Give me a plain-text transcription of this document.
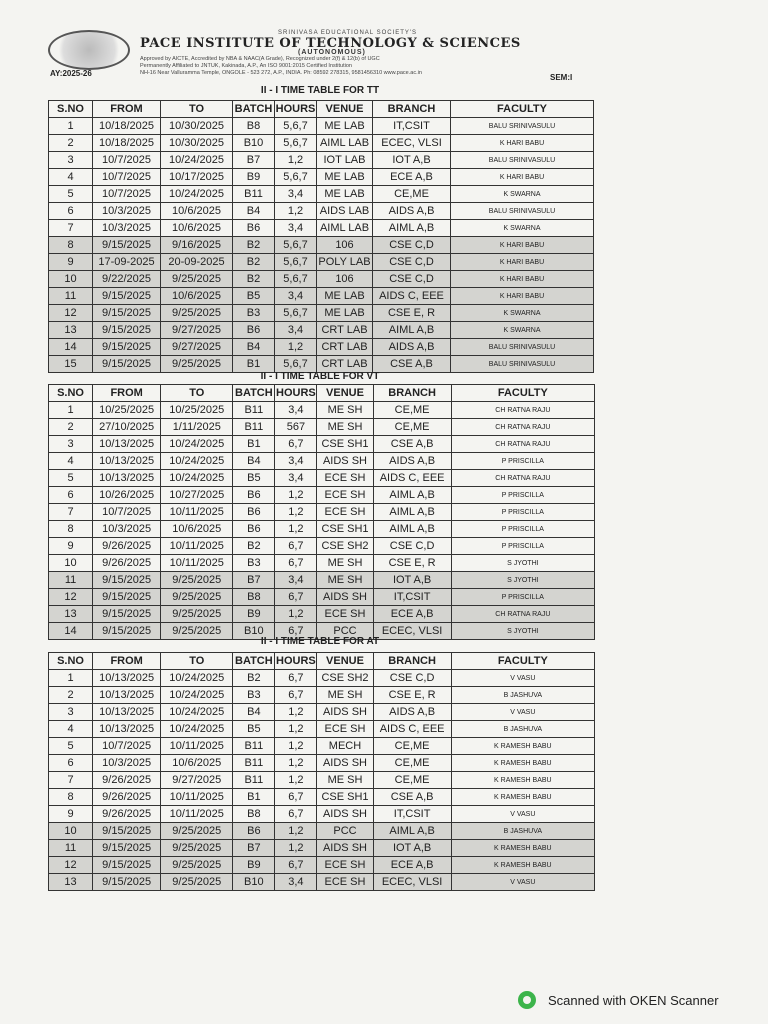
SRINIVASA EDUCATIONAL SOCIETY'S
PACE INSTITUTE OF TECHNOLOGY & SCIENCES
(AUTONOMOUS)
Approved by AICTE, Accredited by NBA & NAAC(A Grade), Recognized under 2(f) & 12(b) of UGC
Permanently Affiliated to JNTUK, Kakinada, A.P., An ISO 9001:2015 Certified Institution
NH-16 Near Valluramma Temple, ONGOLE - 523 272, A.P., INDIA. Ph: 08592 278315, 9581456310 www.pace.ac.in
AY:2025-26	SEM:I
II - I TIME TABLE FOR TT
S.NO	FROM	TO	BATCH	HOURS	VENUE	BRANCH	FACULTY
1	10/18/2025	10/30/2025	B8	5,6,7	ME LAB	IT,CSIT	BALU SRINIVASULU
2	10/18/2025	10/30/2025	B10	5,6,7	AIML LAB	ECEC, VLSI	K HARI BABU
3	10/7/2025	10/24/2025	B7	1,2	IOT LAB	IOT A,B	BALU SRINIVASULU
4	10/7/2025	10/17/2025	B9	5,6,7	ME LAB	ECE A,B	K HARI BABU
5	10/7/2025	10/24/2025	B11	3,4	ME LAB	CE,ME	K SWARNA
6	10/3/2025	10/6/2025	B4	1,2	AIDS LAB	AIDS A,B	BALU SRINIVASULU
7	10/3/2025	10/6/2025	B6	3,4	AIML LAB	AIML A,B	K SWARNA
8	9/15/2025	9/16/2025	B2	5,6,7	106	CSE C,D	K HARI BABU
9	17-09-2025	20-09-2025	B2	5,6,7	POLY LAB	CSE C,D	K HARI BABU
10	9/22/2025	9/25/2025	B2	5,6,7	106	CSE C,D	K HARI BABU
11	9/15/2025	10/6/2025	B5	3,4	ME LAB	AIDS C, EEE	K HARI BABU
12	9/15/2025	9/25/2025	B3	5,6,7	ME LAB	CSE E, R	K SWARNA
13	9/15/2025	9/27/2025	B6	3,4	CRT LAB	AIML A,B	K SWARNA
14	9/15/2025	9/27/2025	B4	1,2	CRT LAB	AIDS A,B	BALU SRINIVASULU
15	9/15/2025	9/25/2025	B1	5,6,7	CRT LAB	CSE A,B	BALU SRINIVASULU
II - I TIME TABLE FOR VT
S.NO	FROM	TO	BATCH	HOURS	VENUE	BRANCH	FACULTY
1	10/25/2025	10/25/2025	B11	3,4	ME SH	CE,ME	CH RATNA RAJU
2	27/10/2025	1/11/2025	B11	567	ME SH	CE,ME	CH RATNA RAJU
3	10/13/2025	10/24/2025	B1	6,7	CSE SH1	CSE A,B	CH RATNA RAJU
4	10/13/2025	10/24/2025	B4	3,4	AIDS SH	AIDS A,B	P PRISCILLA
5	10/13/2025	10/24/2025	B5	3,4	ECE SH	AIDS C, EEE	CH RATNA RAJU
6	10/26/2025	10/27/2025	B6	1,2	ECE SH	AIML A,B	P PRISCILLA
7	10/7/2025	10/11/2025	B6	1,2	ECE SH	AIML A,B	P PRISCILLA
8	10/3/2025	10/6/2025	B6	1,2	CSE SH1	AIML A,B	P PRISCILLA
9	9/26/2025	10/11/2025	B2	6,7	CSE SH2	CSE C,D	P PRISCILLA
10	9/26/2025	10/11/2025	B3	6,7	ME SH	CSE E, R	S JYOTHI
11	9/15/2025	9/25/2025	B7	3,4	ME SH	IOT A,B	S JYOTHI
12	9/15/2025	9/25/2025	B8	6,7	AIDS SH	IT,CSIT	P PRISCILLA
13	9/15/2025	9/25/2025	B9	1,2	ECE SH	ECE A,B	CH RATNA RAJU
14	9/15/2025	9/25/2025	B10	6,7	PCC	ECEC, VLSI	S JYOTHI
II - I TIME TABLE FOR AT
S.NO	FROM	TO	BATCH	HOURS	VENUE	BRANCH	FACULTY
1	10/13/2025	10/24/2025	B2	6,7	CSE SH2	CSE C,D	V VASU
2	10/13/2025	10/24/2025	B3	6,7	ME SH	CSE E, R	B JASHUVA
3	10/13/2025	10/24/2025	B4	1,2	AIDS SH	AIDS A,B	V VASU
4	10/13/2025	10/24/2025	B5	1,2	ECE SH	AIDS C, EEE	B JASHUVA
5	10/7/2025	10/11/2025	B11	1,2	MECH	CE,ME	K RAMESH BABU
6	10/3/2025	10/6/2025	B11	1,2	AIDS SH	CE,ME	K RAMESH BABU
7	9/26/2025	9/27/2025	B11	1,2	ME SH	CE,ME	K RAMESH BABU
8	9/26/2025	10/11/2025	B1	6,7	CSE SH1	CSE A,B	K RAMESH BABU
9	9/26/2025	10/11/2025	B8	6,7	AIDS SH	IT,CSIT	V VASU
10	9/15/2025	9/25/2025	B6	1,2	PCC	AIML A,B	B JASHUVA
11	9/15/2025	9/25/2025	B7	1,2	AIDS SH	IOT A,B	K RAMESH BABU
12	9/15/2025	9/25/2025	B9	6,7	ECE SH	ECE A,B	K RAMESH BABU
13	9/15/2025	9/25/2025	B10	3,4	ECE SH	ECEC, VLSI	V VASU
Scanned with OKEN Scanner
